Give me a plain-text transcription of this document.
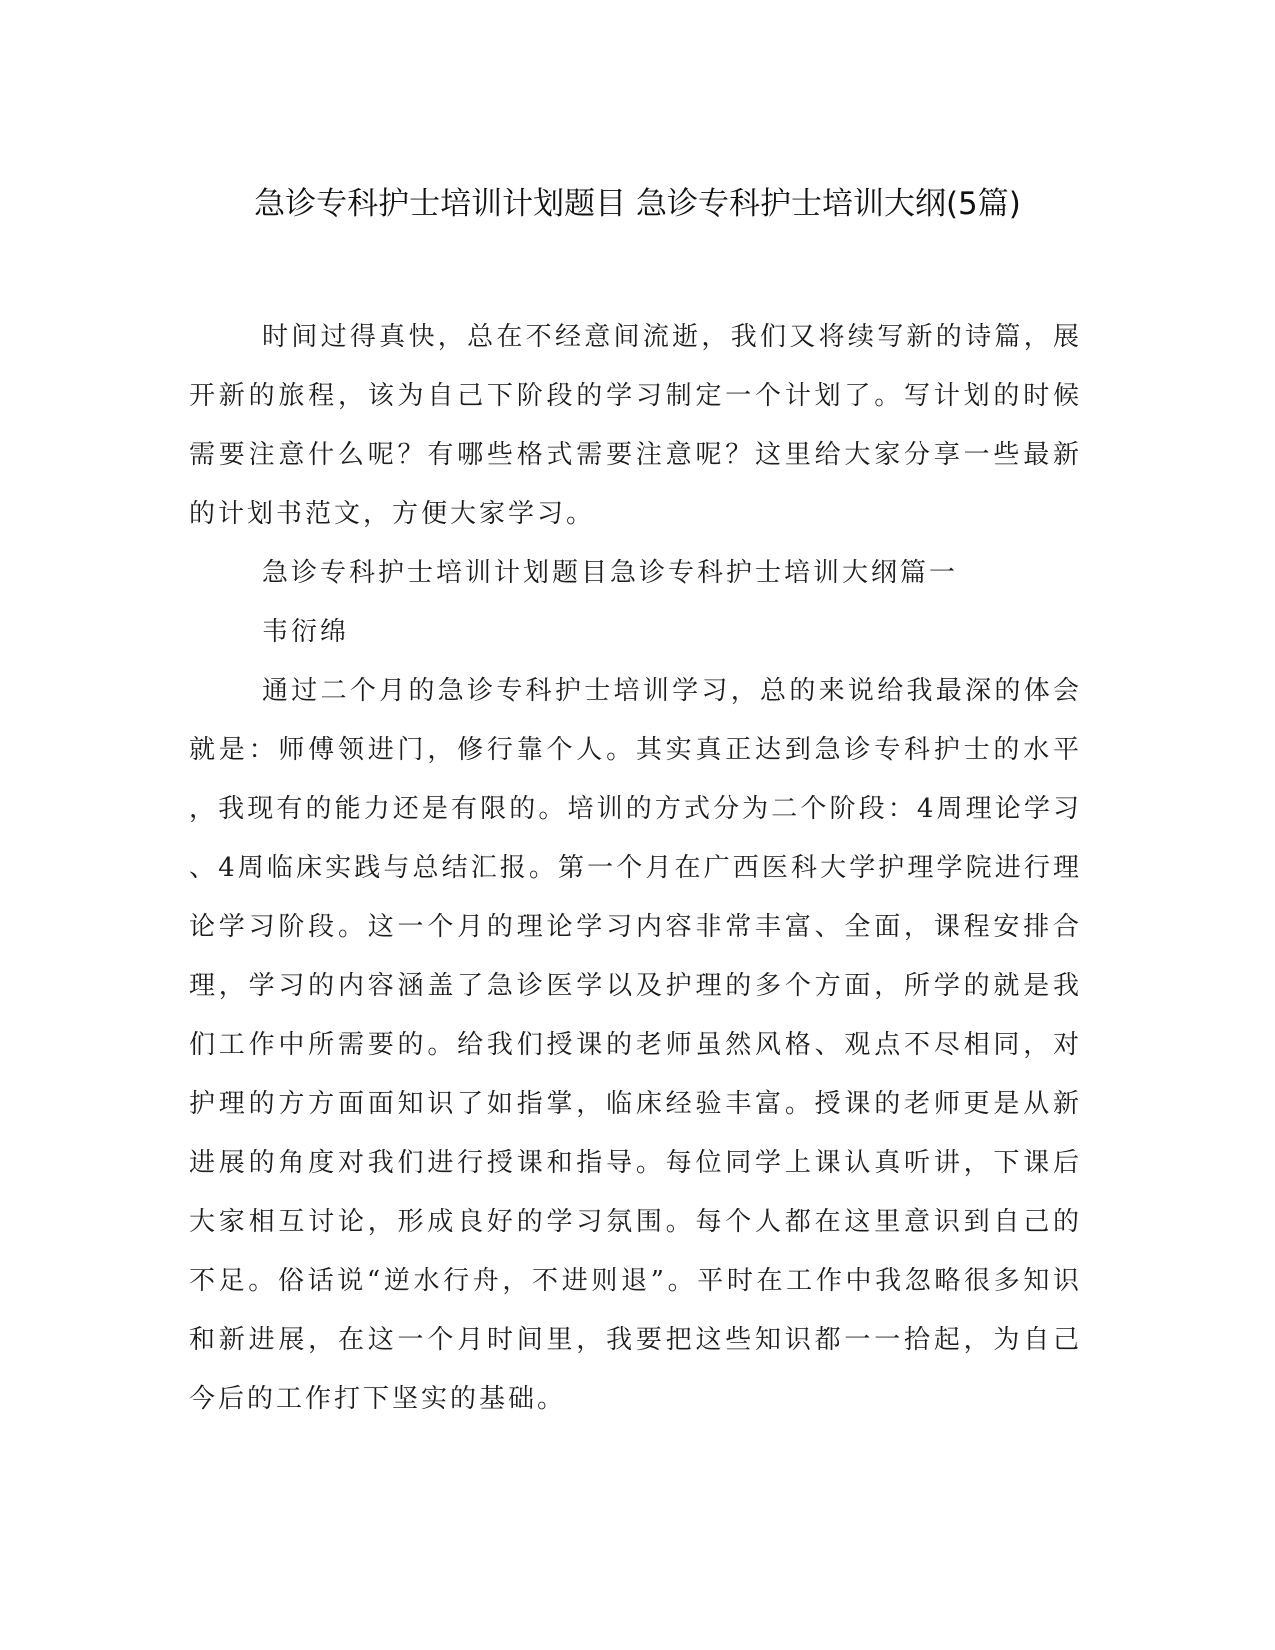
急诊专科护士培训计划题目 急诊专科护士培训大纲(5篇)
时间过得真快，总在不经意间流逝，我们又将续写新的诗篇，展
开新的旅程，该为自己下阶段的学习制定一个计划了。写计划的时候
需要注意什么呢？有哪些格式需要注意呢？这里给大家分享一些最新
的计划书范文，方便大家学习。
急诊专科护士培训计划题目急诊专科护士培训大纲篇一
韦衍绵
通过二个月的急诊专科护士培训学习，总的来说给我最深的体会
就是：师傅领进门，修行靠个人。其实真正达到急诊专科护士的水平
，我现有的能力还是有限的。培训的方式分为二个阶段：4周理论学习
、4周临床实践与总结汇报。第一个月在广西医科大学护理学院进行理
论学习阶段。这一个月的理论学习内容非常丰富、全面，课程安排合
理，学习的内容涵盖了急诊医学以及护理的多个方面，所学的就是我
们工作中所需要的。给我们授课的老师虽然风格、观点不尽相同，对
护理的方方面面知识了如指掌，临床经验丰富。授课的老师更是从新
进展的角度对我们进行授课和指导。每位同学上课认真听讲，下课后
大家相互讨论，形成良好的学习氛围。每个人都在这里意识到自己的
不足。俗话说“逆水行舟，不进则退”。平时在工作中我忽略很多知识
和新进展，在这一个月时间里，我要把这些知识都一一拾起，为自己
今后的工作打下坚实的基础。
